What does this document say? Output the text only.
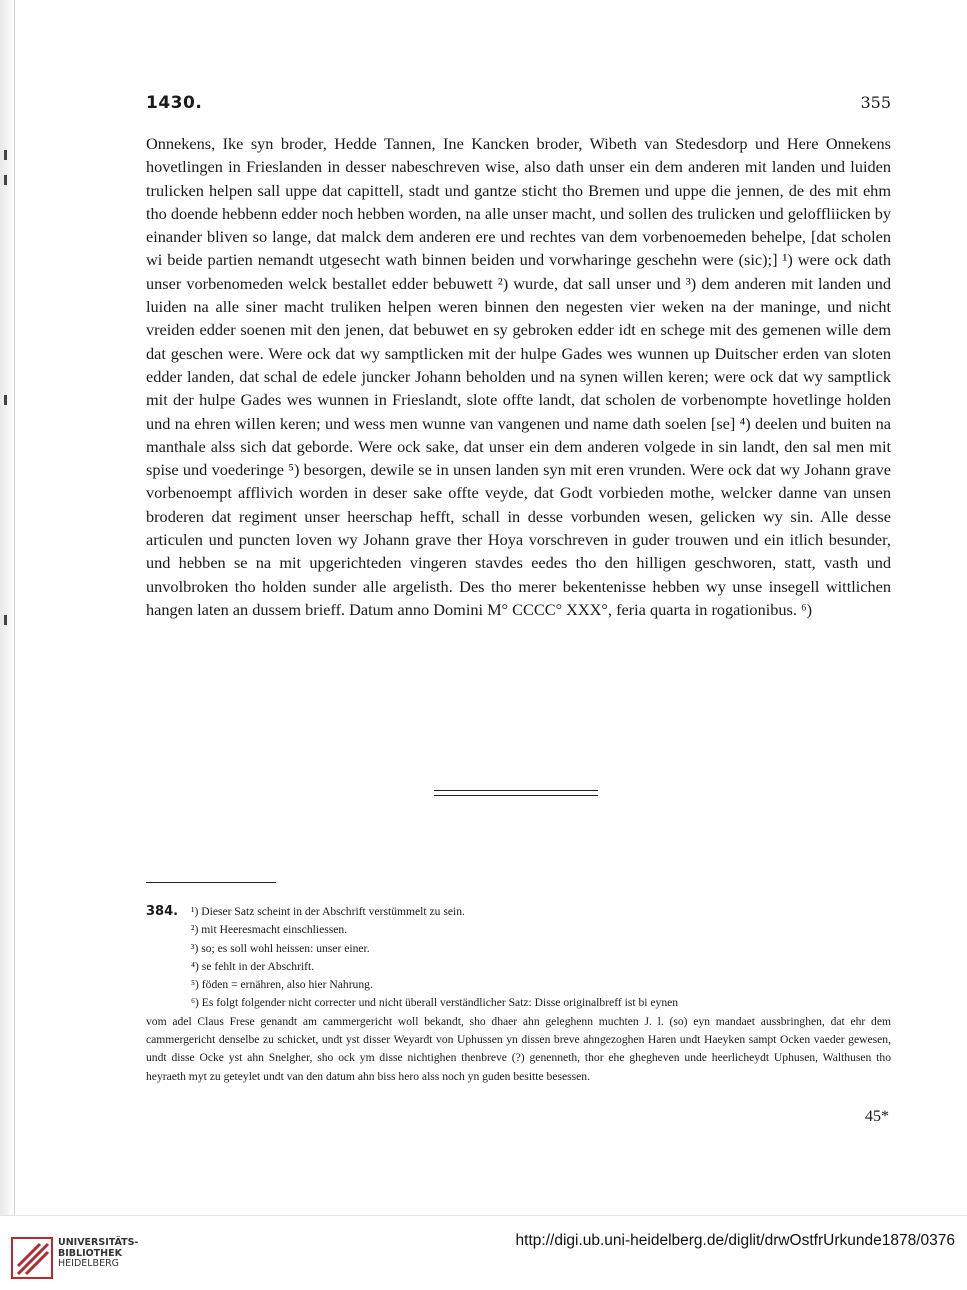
1430.	355

Onnekens, Ike syn broder, Hedde Tannen, Ine Kancken broder, Wibeth van Stedesdorp und Here Onnekens hovetlingen in Frieslanden in desser nabeschreven wise, also dath unser ein dem anderen mit landen und luiden trulicken helpen sall uppe dat capittell, stadt und gantze sticht tho Bremen und uppe die jennen, de des mit ehm tho doende hebbenn edder noch hebben worden, na alle unser macht, und sollen des trulicken und geloffliicken by einander bliven so lange, dat malck dem anderen ere und rechtes van dem vorbenoemeden behelpe, [dat scholen wi beide partien nemandt utgesecht wath binnen beiden und vorwharinge geschehn were (sic);] ¹) were ock dath unser vorbenomeden welck bestallet edder bebuwett ²) wurde, dat sall unser und ³) dem anderen mit landen und luiden na alle siner macht truliken helpen weren binnen den negesten vier weken na der maninge, und nicht vreiden edder soenen mit den jenen, dat bebuwet en sy gebroken edder idt en schege mit des gemenen wille dem dat geschen were. Were ock dat wy samptlicken mit der hulpe Gades wes wunnen up Duitscher erden van sloten edder landen, dat schal de edele juncker Johann beholden und na synen willen keren; were ock dat wy samptlick mit der hulpe Gades wes wunnen in Frieslandt, slote offte landt, dat scholen de vorbenompte hovetlinge holden und na ehren willen keren; und wess men wunne van vangenen und name dath soelen [se] ⁴) deelen und buiten na manthale alss sich dat geborde. Were ock sake, dat unser ein dem anderen volgede in sin landt, den sal men mit spise und voederinge ⁵) besorgen, dewile se in unsen landen syn mit eren vrunden. Were ock dat wy Johann grave vorbenoempt afflivich worden in deser sake offte veyde, dat Godt vorbieden mothe, welcker danne van unsen broderen dat regiment unser heerschap hefft, schall in desse vorbunden wesen, gelicken wy sin. Alle desse articulen und puncten loven wy Johann grave ther Hoya vorschreven in guder trouwen und ein itlich besunder, und hebben se na mit upgerichteden vingeren stavdes eedes tho den hilligen geschworen, statt, vasth und unvolbroken tho holden sunder alle argelisth. Des tho merer bekentenisse hebben wy unse insegell wittlichen hangen laten an dussem brieff. Datum anno Domini M° CCCC° XXX°, feria quarta in rogationibus. ⁶)

384. ¹) Dieser Satz scheint in der Abschrift verstümmelt zu sein.

²) mit Heeresmacht einschliessen.

³) so; es soll wohl heissen: unser einer.

⁴) se fehlt in der Abschrift.

⁵) föden = ernähren, also hier Nahrung.

⁶) Es folgt folgender nicht correcter und nicht überall verständlicher Satz: Disse originalbreff ist bi eynen

vom adel Claus Frese genandt am cammergericht woll bekandt, sho dhaer ahn geleghenn muchten J. l. (so) eyn mandaet aussbringhen, dat ehr dem cammergericht denselbe zu schicket, undt yst disser Weyardt von Uphussen yn dissen breve ahngezoghen Haren undt Haeyken sampt Ocken vaeder gewesen, undt disse Ocke yst ahn Snelgher, sho ock ym disse nichtighen thenbreve (?) genenneth, thor ehe ghegheven unde heerlicheydt Uphusen, Walthusen tho heyraeth myt zu geteylet undt van den datum ahn biss hero alss noch yn guden besitte besessen.

45*
UNIVERSITÄTS-
BIBLIOTHEK
HEIDELBERG
http://digi.ub.uni-heidelberg.de/diglit/drwOstfrUrkunde1878/0376
